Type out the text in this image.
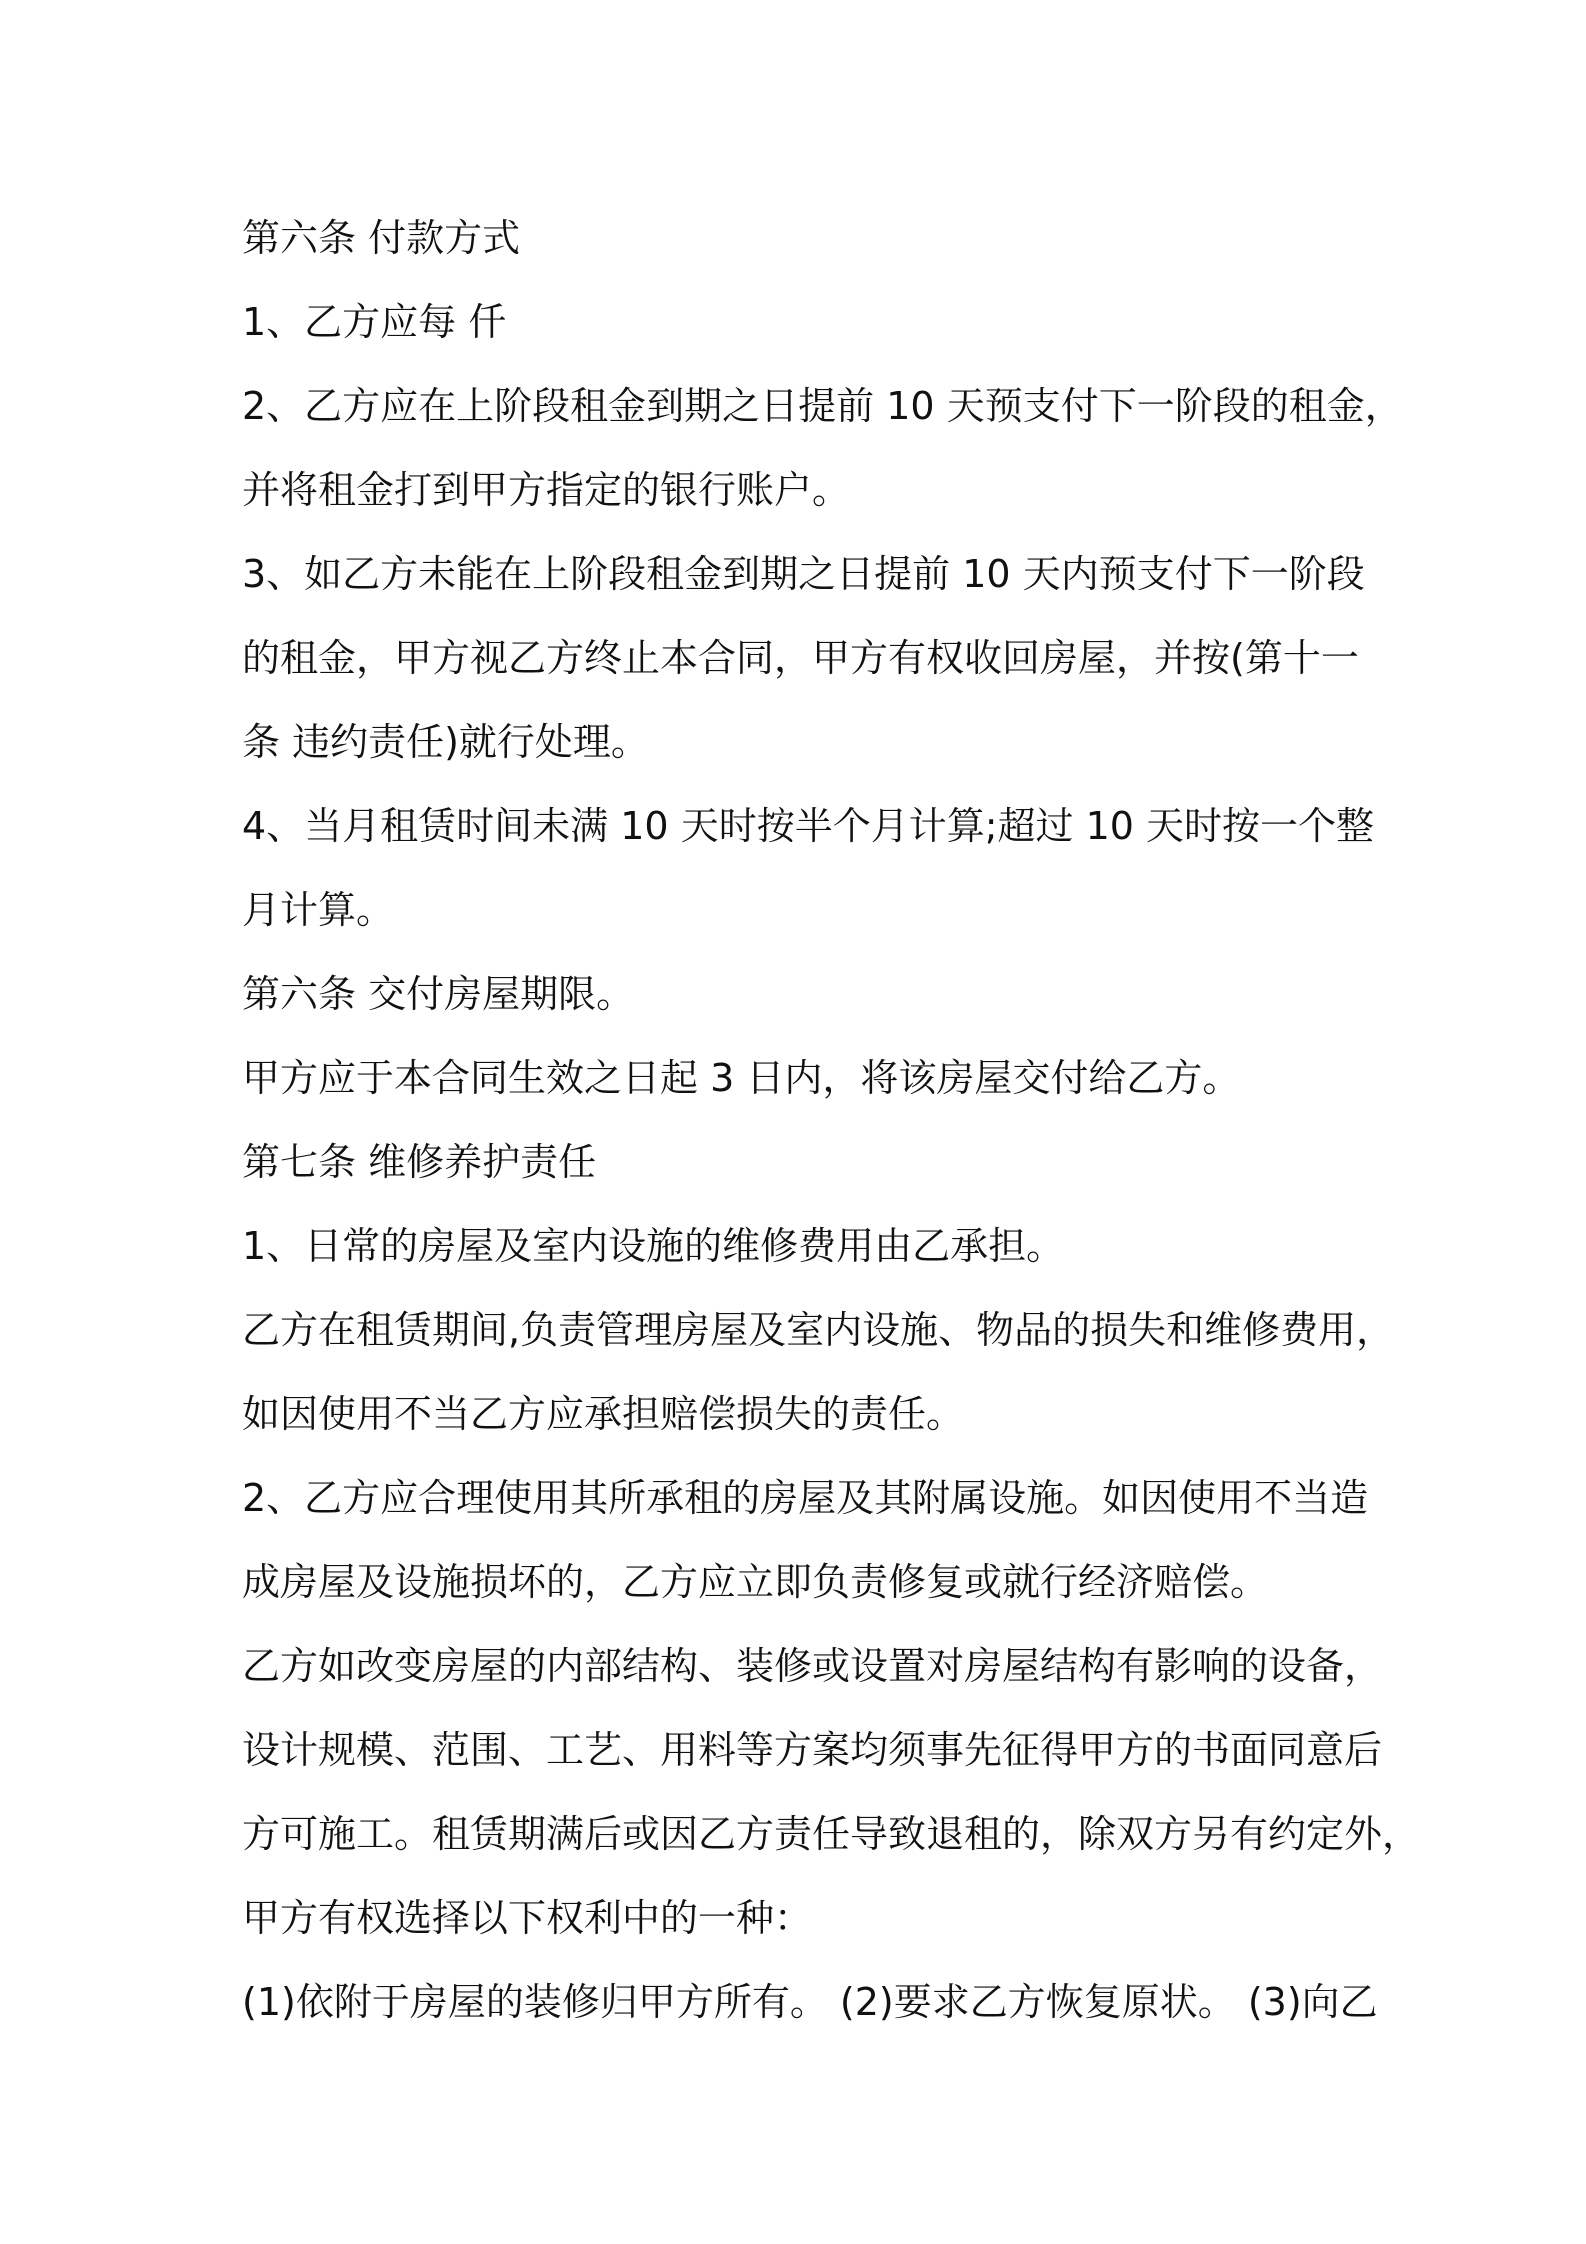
第六条 付款方式
1、乙方应每 仟
2、乙方应在上阶段租金到期之日提前 10 天预支付下一阶段的租金，
并将租金打到甲方指定的银行账户。
3、如乙方未能在上阶段租金到期之日提前 10 天内预支付下一阶段
的租金，甲方视乙方终止本合同，甲方有权收回房屋，并按(第十一
条 违约责任)就行处理。
4、当月租赁时间未满 10 天时按半个月计算;超过 10 天时按一个整
月计算。
第六条 交付房屋期限。
甲方应于本合同生效之日起 3 日内，将该房屋交付给乙方。
第七条 维修养护责任
1、日常的房屋及室内设施的维修费用由乙承担。
乙方在租赁期间,负责管理房屋及室内设施、物品的损失和维修费用，
如因使用不当乙方应承担赔偿损失的责任。
2、乙方应合理使用其所承租的房屋及其附属设施。如因使用不当造
成房屋及设施损坏的，乙方应立即负责修复或就行经济赔偿。
乙方如改变房屋的内部结构、装修或设置对房屋结构有影响的设备，
设计规模、范围、工艺、用料等方案均须事先征得甲方的书面同意后
方可施工。租赁期满后或因乙方责任导致退租的，除双方另有约定外，
甲方有权选择以下权利中的一种：
(1)依附于房屋的装修归甲方所有。 (2)要求乙方恢复原状。 (3)向乙
